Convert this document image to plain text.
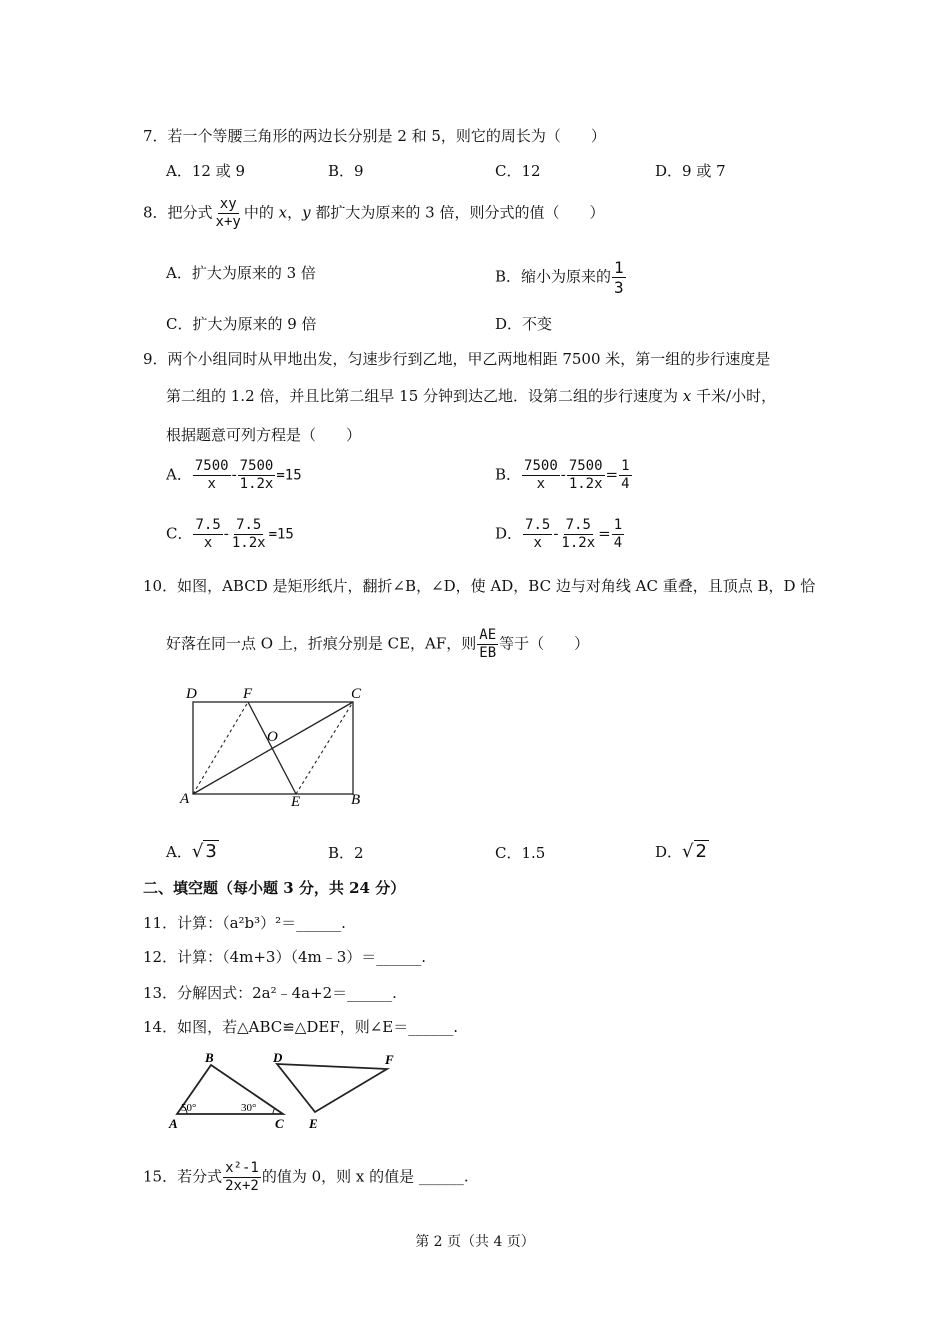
7．若一个等腰三角形的两边长分别是 2 和 5，则它的周长为（　　）
A．12 或 9	B．9	C．12	D．9 或 7
8．把分式 $\frac{xy}{x+y}$ 中的 x，y 都扩大为原来的 3 倍，则分式的值（　　）
A．扩大为原来的 3 倍	B．缩小为原来的 $\frac{1}{3}$
C．扩大为原来的 9 倍	D．不变
9．两个小组同时从甲地出发，匀速步行到乙地，甲乙两地相距 7500 米，第一组的步行速度是
第二组的 1.2 倍，并且比第二组早 15 分钟到达乙地．设第二组的步行速度为 x 千米/小时，
根据题意可列方程是（　　）
A． $\frac{7500}{x} - \frac{7500}{1.2x} =15$	B． $\frac{7500}{x} - \frac{7500}{1.2x} = \frac{1}{4}$
C． $\frac{7.5}{x} - \frac{7.5}{1.2x} =15$	D． $\frac{7.5}{x} - \frac{7.5}{1.2x} = \frac{1}{4}$
10．如图，ABCD 是矩形纸片，翻折∠B，∠D，使 AD，BC 边与对角线 AC 重叠，且顶点 B，D 恰
好落在同一点 O 上，折痕分别是 CE，AF，则 $\frac{AE}{EB}$ 等于（　　）
D	F	C
O
A	E	B
A．√ 3	B．2	C．1.5	D．√ 2
二、填空题（每小题 3 分，共 24 分）
11．计算：（a²b³）²＝______.
12．计算：（4m+3）（4m﹣3）＝______.
13．分解因式：2a²﹣4a+2＝______.
14．如图，若△ABC≌△DEF，则∠E＝______.
B
A	C
D	F
E
50°	30°
15．若分式 $\frac{\text{x²-1}}{2x+2}$ 的值为 0，则 x 的值是 ______.
第 2 页（共 4 页）
